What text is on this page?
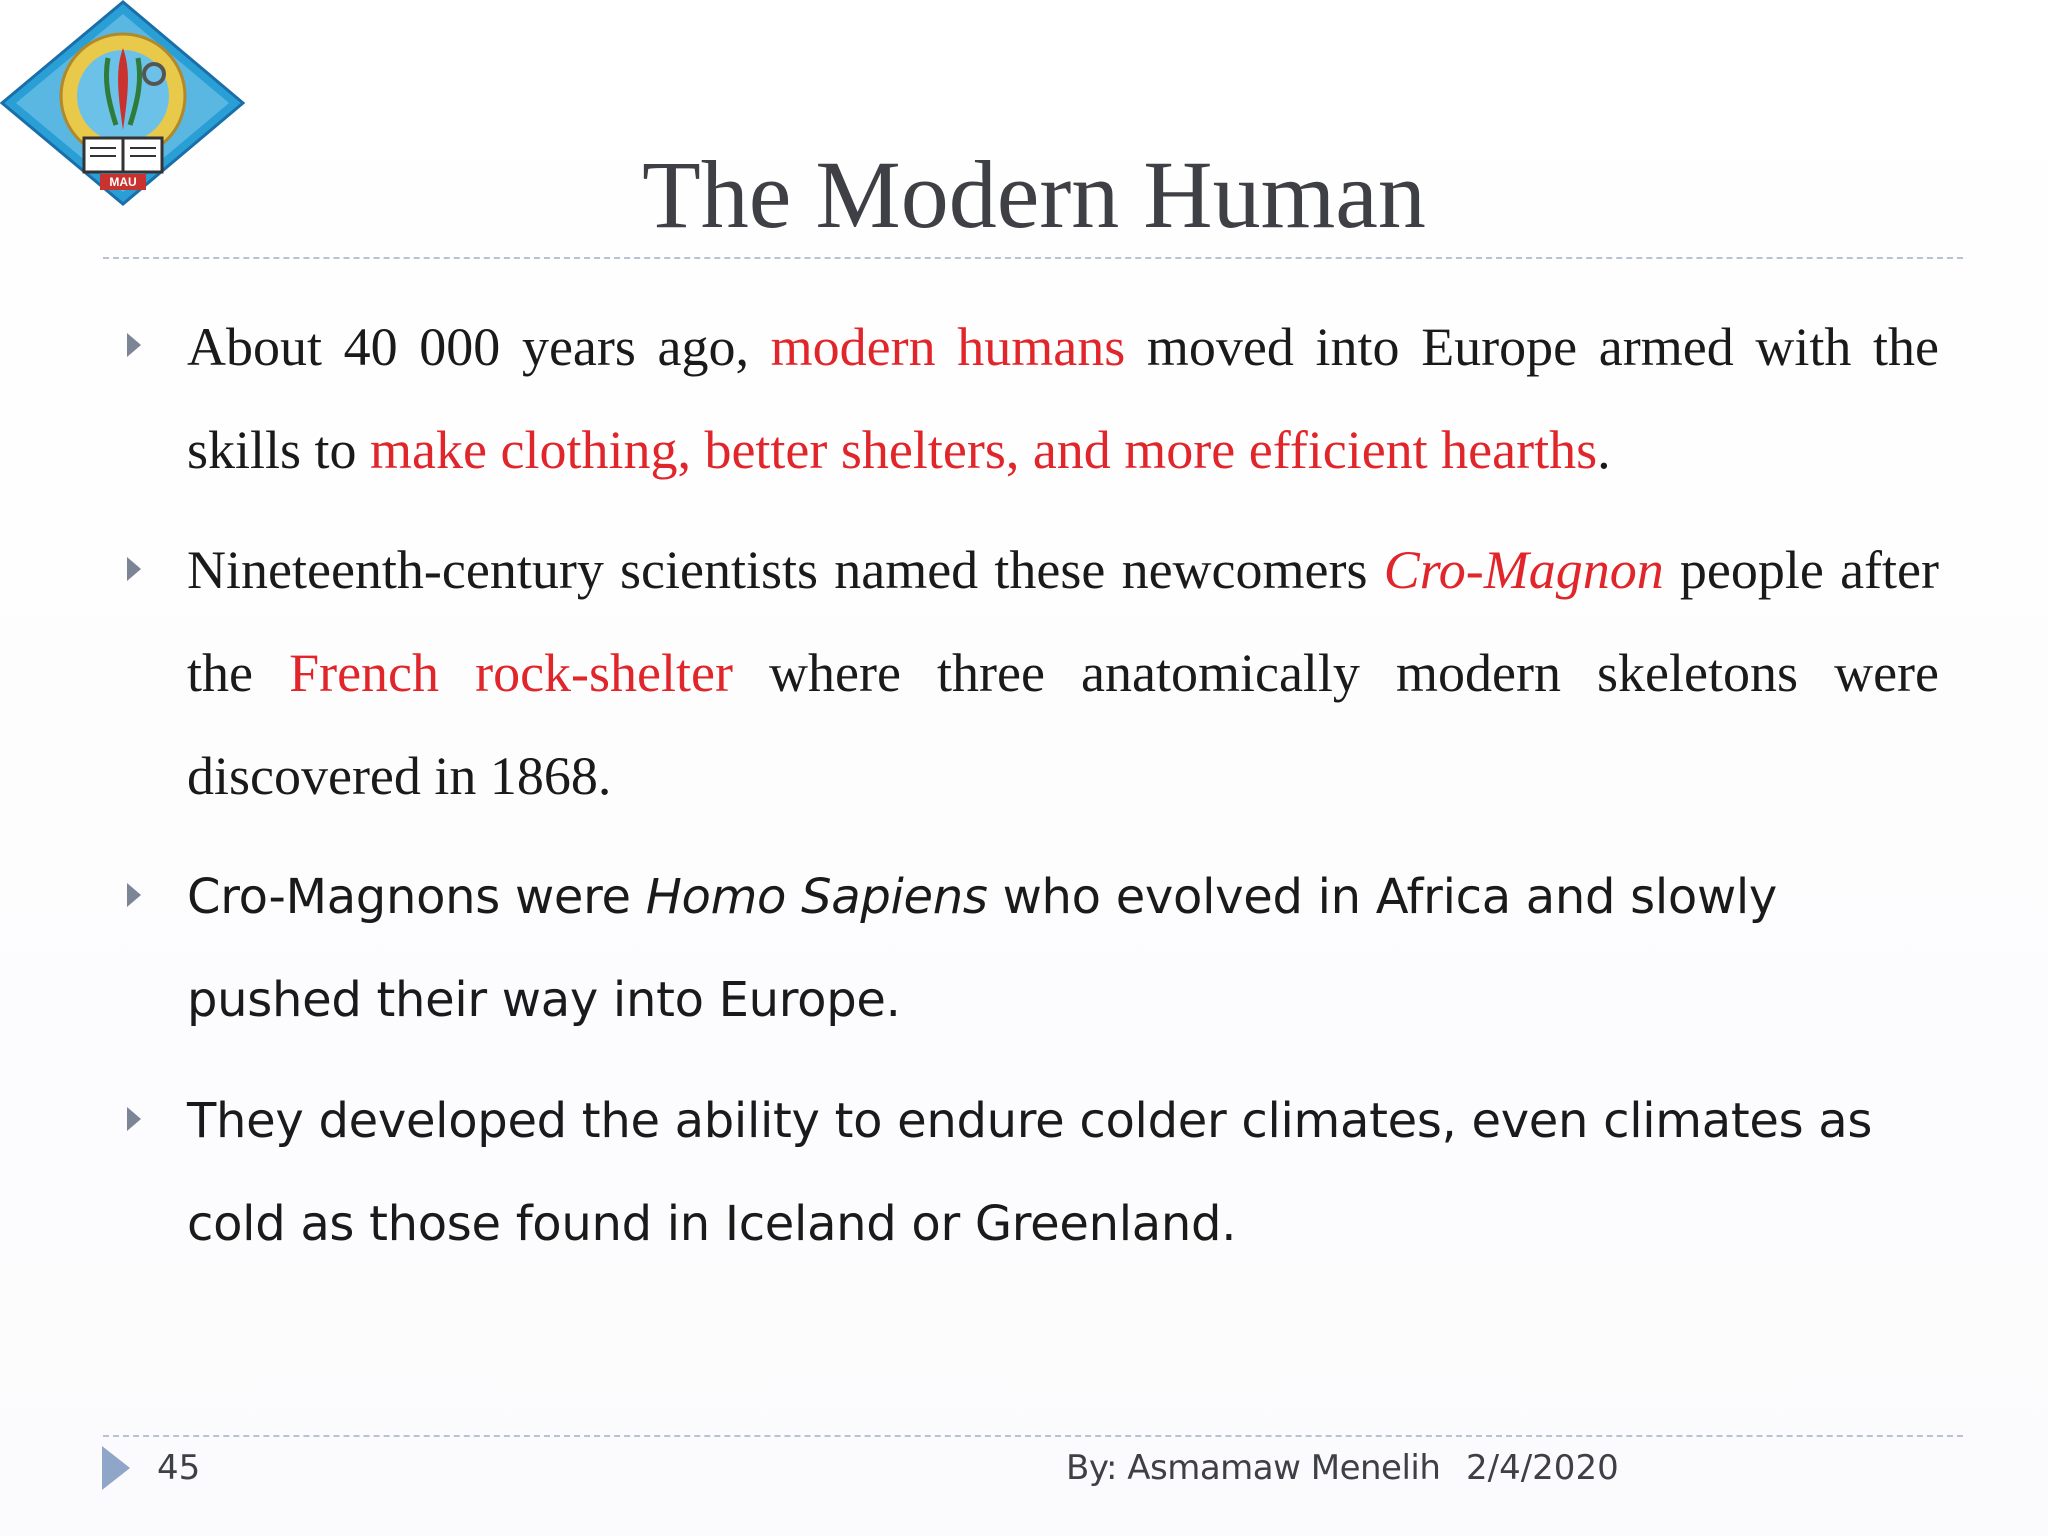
MAU	The Modern Human
About 40 000 years ago, modern humans moved into Europe armed with the skills to make clothing, better shelters, and more efficient hearths.
Nineteenth-century scientists named these newcomers Cro-Magnon people after the French rock-shelter where three anatomically modern skeletons were discovered in 1868.
Cro-Magnons were Homo Sapiens who evolved in Africa and slowly pushed their way into Europe.
They developed the ability to endure colder climates, even climates as cold as those found in Iceland or Greenland.
45	By: Asmamaw Menelih 2/4/2020
